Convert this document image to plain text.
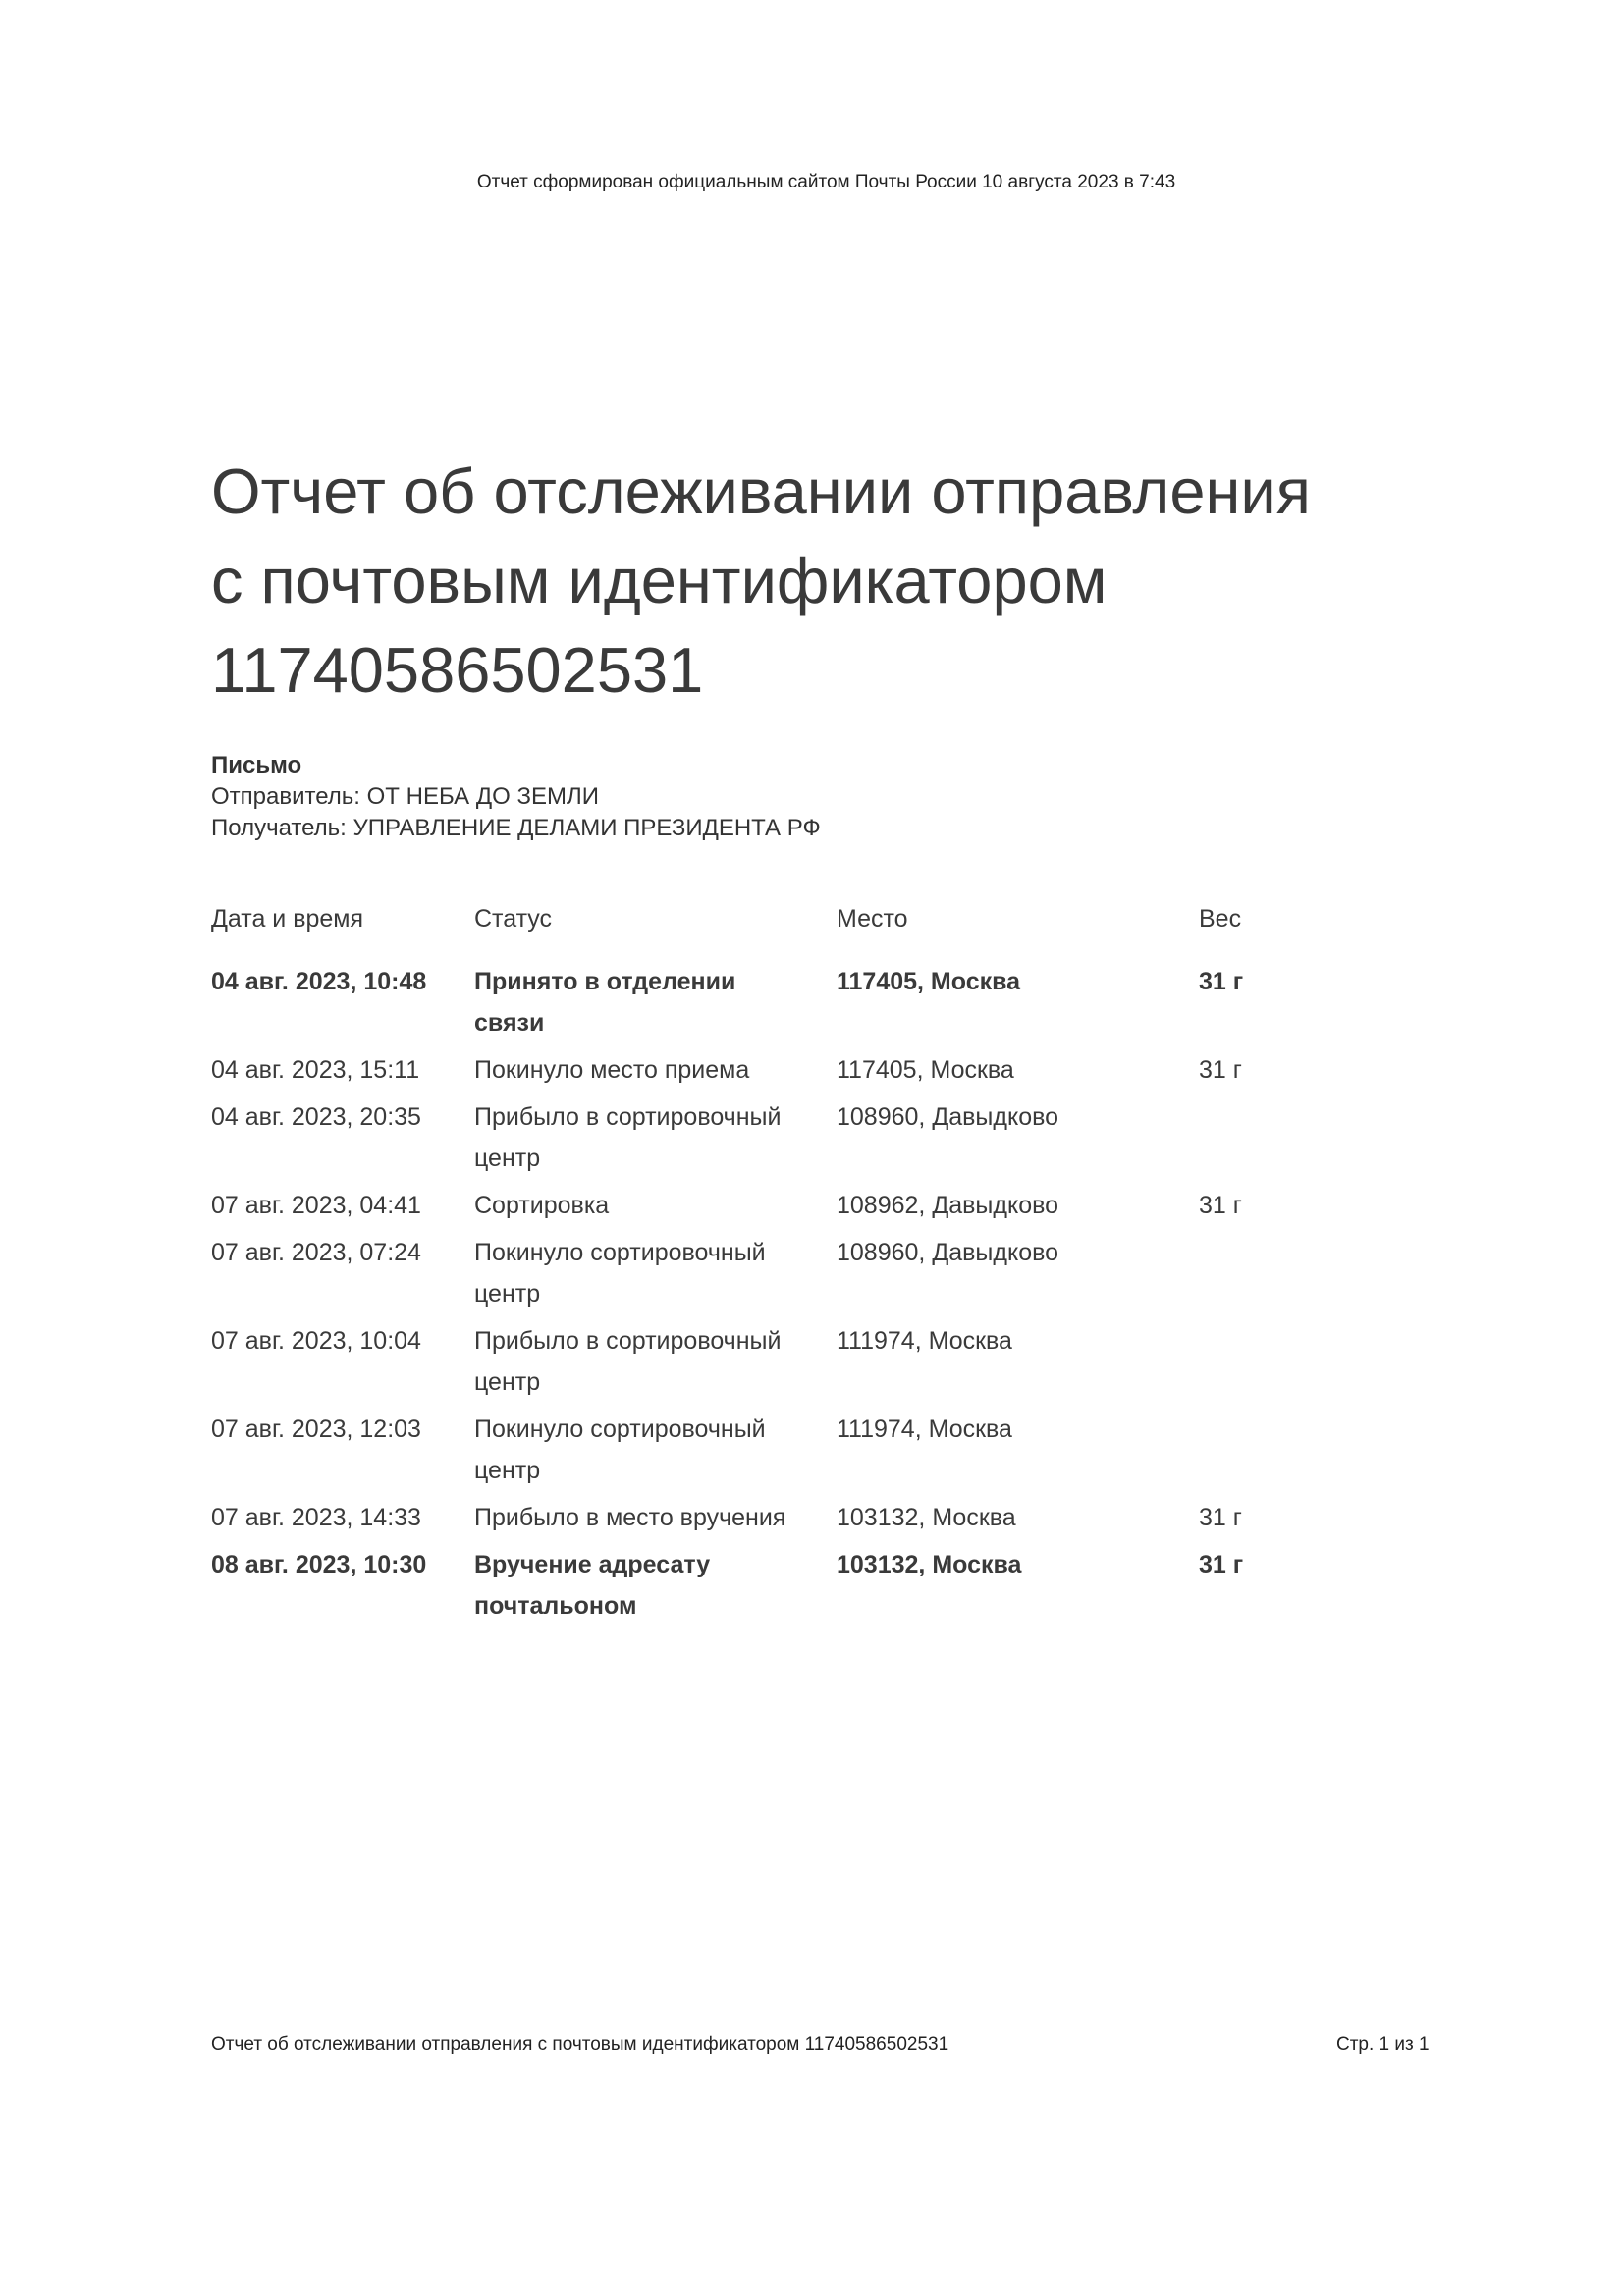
Отчет сформирован официальным сайтом Почты России 10 августа 2023 в 7:43
Отчет об отслеживании отправления
с почтовым идентификатором
11740586502531
Письмо
Отправитель: ОТ НЕБА ДО ЗЕМЛИ
Получатель: УПРАВЛЕНИЕ ДЕЛАМИ ПРЕЗИДЕНТА РФ
Дата и время	Статус	Место	Вес
04 авг. 2023, 10:48	Принято в отделении связи	117405, Москва	31 г
04 авг. 2023, 15:11	Покинуло место приема	117405, Москва	31 г
04 авг. 2023, 20:35	Прибыло в сортировочный центр	108960, Давыдково	
07 авг. 2023, 04:41	Сортировка	108962, Давыдково	31 г
07 авг. 2023, 07:24	Покинуло сортировочный центр	108960, Давыдково	
07 авг. 2023, 10:04	Прибыло в сортировочный центр	111974, Москва	
07 авг. 2023, 12:03	Покинуло сортировочный центр	111974, Москва	
07 авг. 2023, 14:33	Прибыло в место вручения	103132, Москва	31 г
08 авг. 2023, 10:30	Вручение адресату почтальоном	103132, Москва	31 г
Отчет об отслеживании отправления с почтовым идентификатором 11740586502531	Стр. 1 из 1
